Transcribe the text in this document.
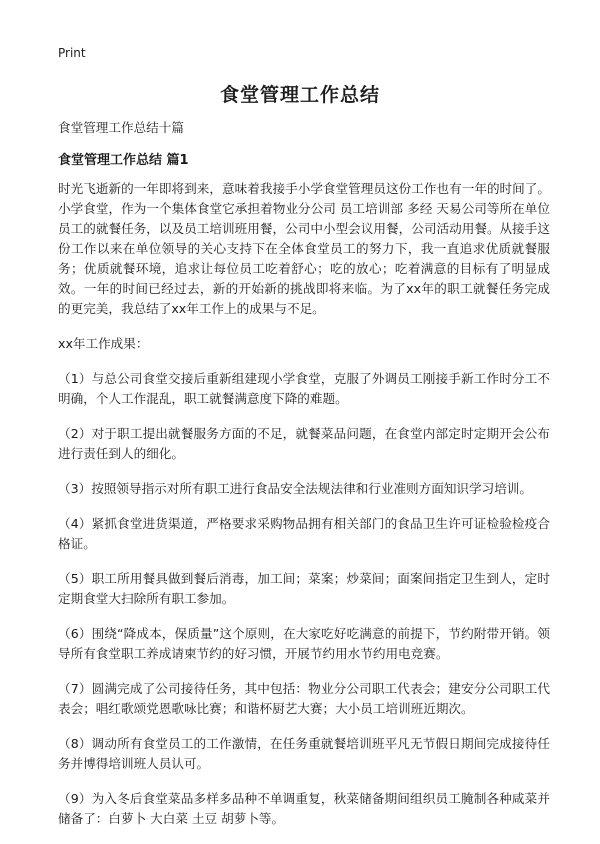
Print
食堂管理工作总结

食堂管理工作总结十篇

食堂管理工作总结 篇1

时光飞逝新的一年即将到来，意味着我接手小学食堂管理员这份工作也有一年的时间了。 小学食堂，作为一个集体食堂它承担着物业分公司 员工培训部 多经 天易公司等所在单位员工的就餐任务，以及员工培训班用餐，公司中小型会议用餐，公司活动用餐。从接手这份工作以来在单位领导的关心支持下在全体食堂员工的努力下，我一直追求优质就餐服务；优质就餐环境，追求让每位员工吃着舒心；吃的放心；吃着满意的目标有了明显成效。一年的时间已经过去，新的开始新的挑战即将来临。为了xx年的职工就餐任务完成的更完美，我总结了xx年工作上的成果与不足。

xx年工作成果：

（1）与总公司食堂交接后重新组建现小学食堂，克服了外调员工刚接手新工作时分工不明确，个人工作混乱，职工就餐满意度下降的难题。

（2）对于职工提出就餐服务方面的不足，就餐菜品问题，在食堂内部定时定期开会公布 进行责任到人的细化。

（3）按照领导指示对所有职工进行食品安全法规法律和行业准则方面知识学习培训。

（4）紧抓食堂进货渠道，严格要求采购物品拥有相关部门的食品卫生许可证检验检疫合格证。

（5）职工所用餐具做到餐后消毒，加工间；菜案；炒菜间；面案间指定卫生到人，定时定期食堂大扫除所有职工参加。

（6）围绕“降成本，保质量”这个原则，在大家吃好吃满意的前提下，节约附带开销。领导所有食堂职工养成请柬节约的好习惯，开展节约用水节约用电竞赛。

（7）圆满完成了公司接待任务，其中包括：物业分公司职工代表会；建安分公司职工代表会；唱红歌颂党恩歌咏比赛；和谐杯厨艺大赛；大小员工培训班近期次。

（8）调动所有食堂员工的工作激情，在任务重就餐培训班平凡无节假日期间完成接待任务并博得培训班人员认可。

（9）为入冬后食堂菜品多样多品种不单调重复，秋菜储备期间组织员工腌制各种咸菜并储备了：白萝卜 大白菜 土豆 胡萝卜等。
